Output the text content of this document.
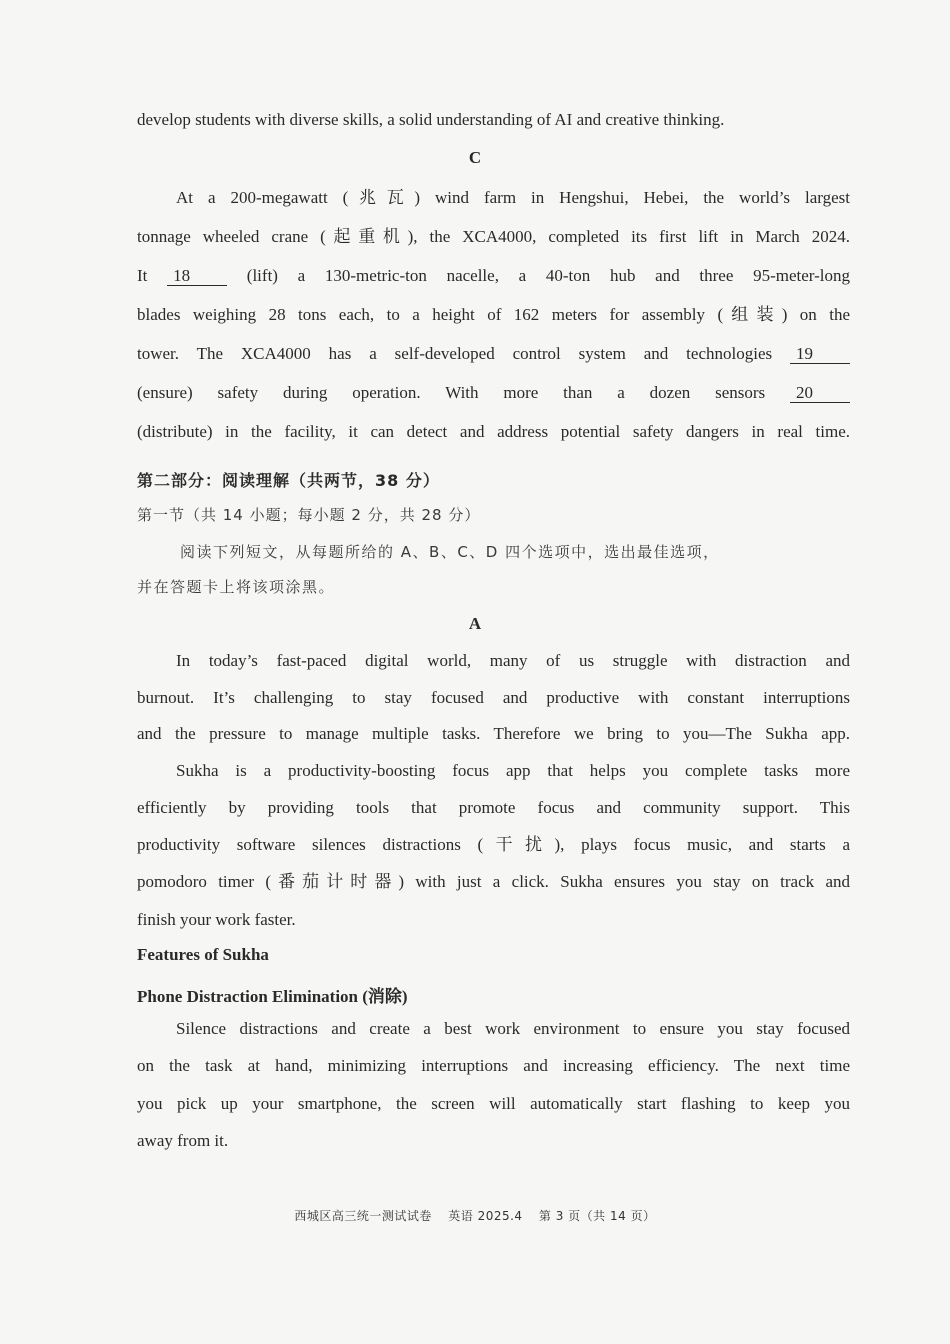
develop students with diverse skills, a solid understanding of AI and creative thinking.
C
At a 200-megawatt (兆瓦) wind farm in Hengshui, Hebei, the world’s largest
tonnage wheeled crane (起重机), the XCA4000, completed its first lift in March 2024.
It 18	(lift) a 130-metric-ton nacelle, a 40-ton hub and three 95-meter-long
blades weighing 28 tons each, to a height of 162 meters for assembly (组装) on the
tower. The XCA4000 has a self-developed control system and technologies 19
(ensure) safety during operation. With more than a dozen sensors 20
(distribute) in the facility, it can detect and address potential safety dangers in real time.
第二部分：阅读理解（共两节，38 分）
第一节（共 14 小题；每小题 2 分，共 28 分）
阅读下列短文，从每题所给的 A、B、C、D 四个选项中，选出最佳选项，
并在答题卡上将该项涂黑。
A
In today’s fast-paced digital world, many of us struggle with distraction and
burnout. It’s challenging to stay focused and productive with constant interruptions
and the pressure to manage multiple tasks. Therefore we bring to you—The Sukha app.
Sukha is a productivity-boosting focus app that helps you complete tasks more
efficiently by providing tools that promote focus and community support. This
productivity software silences distractions (干扰), plays focus music, and starts a
pomodoro timer (番茄计时器) with just a click. Sukha ensures you stay on track and
finish your work faster.
Features of Sukha
Phone Distraction Elimination (消除)
Silence distractions and create a best work environment to ensure you stay focused
on the task at hand, minimizing interruptions and increasing efficiency. The next time
you pick up your smartphone, the screen will automatically start flashing to keep you
away from it.
西城区高三统一测试试卷 英语 2025.4 第 3 页（共 14 页）
